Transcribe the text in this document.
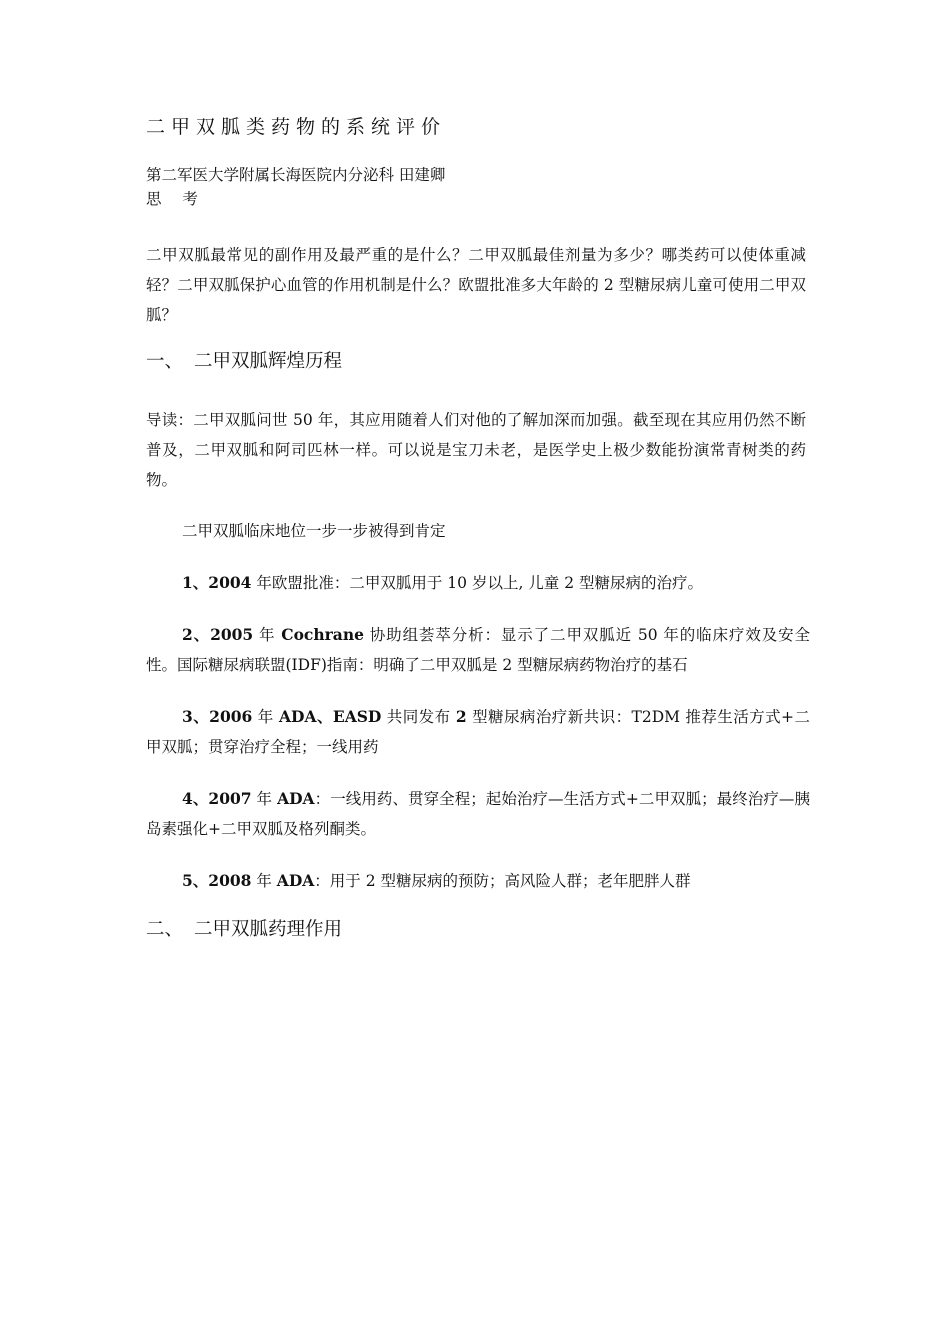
二甲双胍类药物的系统评价
第二军医大学附属长海医院内分泌科 田建卿
思 考
二甲双胍最常见的副作用及最严重的是什么？二甲双胍最佳剂量为多少？哪类药可以使体重减轻？二甲双胍保护心血管的作用机制是什么？欧盟批准多大年龄的 2 型糖尿病儿童可使用二甲双胍？
一、 二甲双胍辉煌历程
导读：二甲双胍问世 50 年，其应用随着人们对他的了解加深而加强。截至现在其应用仍然不断普及，二甲双胍和阿司匹林一样。可以说是宝刀未老，是医学史上极少数能扮演常青树类的药物。
二甲双胍临床地位一步一步被得到肯定
1、2004 年欧盟批准：二甲双胍用于 10 岁以上, 儿童 2 型糖尿病的治疗。
2、2005 年 Cochrane 协助组荟萃分析：显示了二甲双胍近 50 年的临床疗效及安全性。国际糖尿病联盟(IDF)指南：明确了二甲双胍是 2 型糖尿病药物治疗的基石
3、2006 年 ADA、EASD 共同发布 2 型糖尿病治疗新共识：T2DM 推荐生活方式+二甲双胍；贯穿治疗全程；一线用药
4、2007 年 ADA：一线用药、贯穿全程；起始治疗—生活方式+二甲双胍；最终治疗—胰岛素强化+二甲双胍及格列酮类。
5、2008 年 ADA：用于 2 型糖尿病的预防；高风险人群；老年肥胖人群
二、 二甲双胍药理作用
